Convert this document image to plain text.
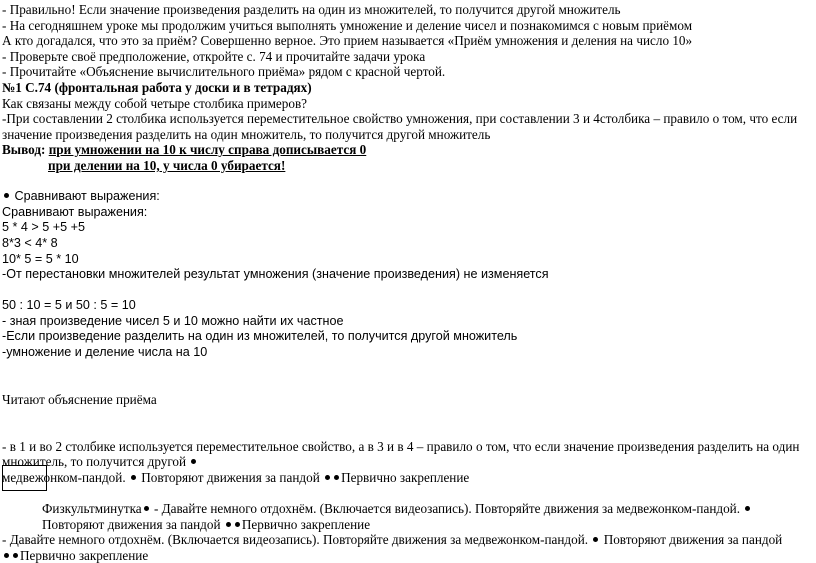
- Правильно! Если значение произведения разделить на один из множителей, то получится другой множитель
- На сегодняшнем уроке мы продолжим учиться выполнять умножение и деление чисел и познакомимся с новым приёмом
А кто догадался, что это за приём? Совершенно верное. Это прием называется «Приём умножения и деления на число 10»
- Проверьте своё предположение, откройте с. 74 и прочитайте задачи урока
- Прочитайте «Объяснение вычислительного приёма» рядом с красной чертой.
№1 С.74 (фронтальная работа у доски и в тетрадях)
Как связаны между собой четыре столбика примеров?
-При составлении 2 столбика используется переместительное свойство умножения, при составлении 3 и 4столбика – правило о том, что если значение произведения разделить на один множитель, то получится другой множитель
Вывод: при умножении на 10 к числу справа дописывается 0
при делении на 10, у числа 0 убирается!
Сравнивают выражения:
Сравнивают выражения:
5 * 4 > 5 +5 +5
8*3 < 4* 8
10* 5 = 5 * 10
-От перестановки множителей результат умножения (значение произведения) не изменяется
50 : 10 = 5 и 50 : 5 = 10
- зная произведение чисел 5 и 10 можно найти их частное
-Если произведение разделить на один из множителей, то получится другой множитель
-умножение и деление числа на 10
Читают объяснение приёма
- в 1 и во 2 столбике используется переместительное свойство, а в 3 и в 4 – правило о том, что если значение произведения разделить на один множитель, то получится другой
медвежонком-пандой.  Повторяют движения за пандой Первично закрепление
Физкультминутка - Давайте немного отдохнём. (Включается видеозапись). Повторяйте движения за медвежонком-пандой.  Повторяют движения за пандой Первично закрепление
- Давайте немного отдохнём. (Включается видеозапись). Повторяйте движения за медвежонком-пандой.  Повторяют движения за пандой
Первично закрепление
